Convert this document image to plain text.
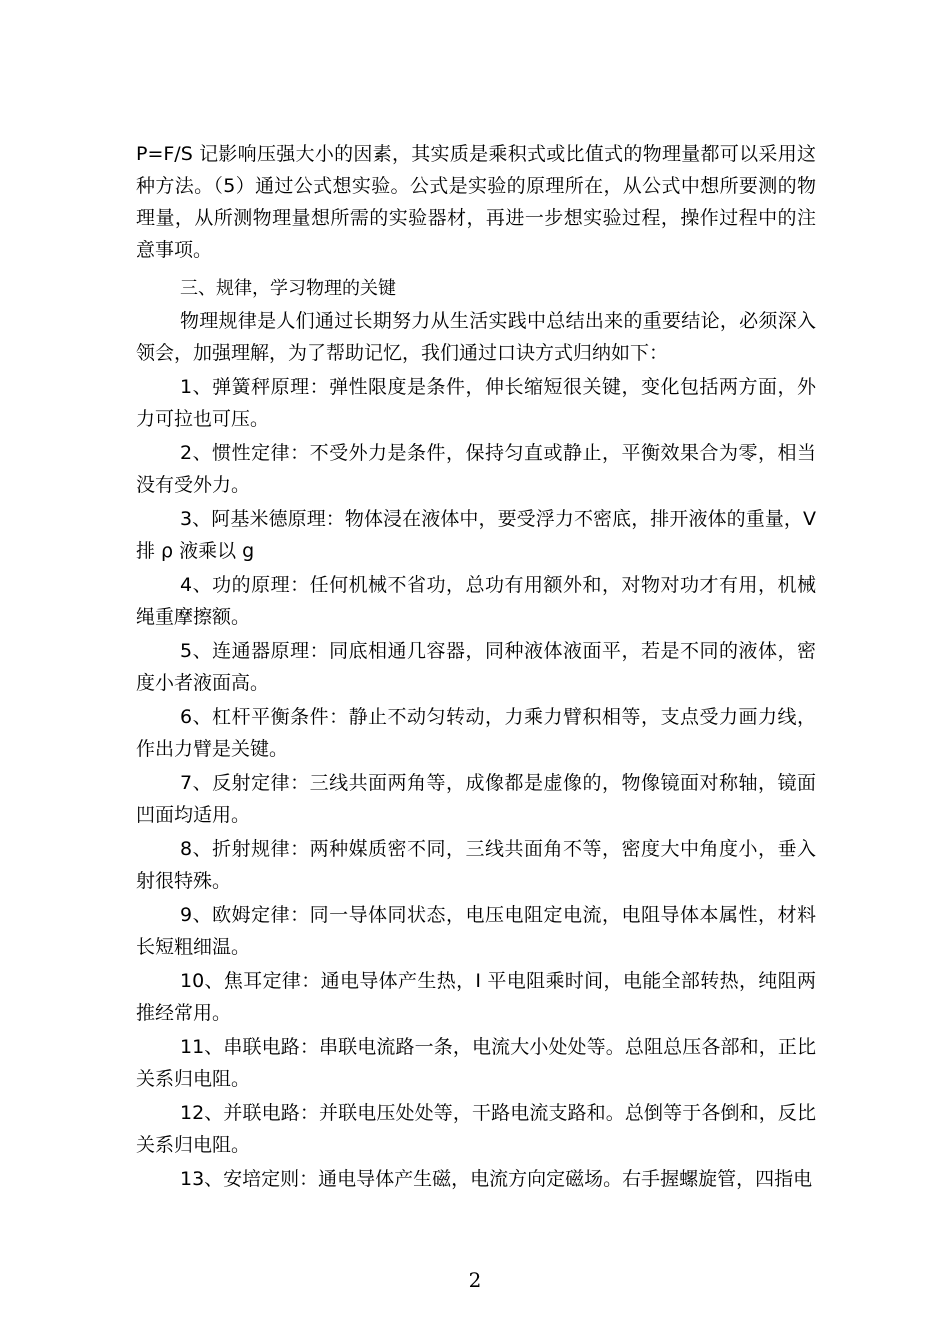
P=F/S 记影响压强大小的因素，其实质是乘积式或比值式的物理量都可以采用这种方法。（5）通过公式想实验。公式是实验的原理所在，从公式中想所要测的物理量，从所测物理量想所需的实验器材，再进一步想实验过程，操作过程中的注意事项。

三、规律，学习物理的关键

物理规律是人们通过长期努力从生活实践中总结出来的重要结论，必须深入领会，加强理解，为了帮助记忆，我们通过口诀方式归纳如下：

1、弹簧秤原理：弹性限度是条件，伸长缩短很关键，变化包括两方面，外力可拉也可压。

2、惯性定律：不受外力是条件，保持匀直或静止，平衡效果合为零，相当没有受外力。

3、阿基米德原理：物体浸在液体中，要受浮力不密底，排开液体的重量，V 排 ρ 液乘以 g

4、功的原理：任何机械不省功，总功有用额外和，对物对功才有用，机械绳重摩擦额。

5、连通器原理：同底相通几容器，同种液体液面平，若是不同的液体，密度小者液面高。

6、杠杆平衡条件：静止不动匀转动，力乘力臂积相等，支点受力画力线，作出力臂是关键。

7、反射定律：三线共面两角等，成像都是虚像的，物像镜面对称轴，镜面凹面均适用。

8、折射规律：两种媒质密不同，三线共面角不等，密度大中角度小，垂入射很特殊。

9、欧姆定律：同一导体同状态，电压电阻定电流，电阻导体本属性，材料长短粗细温。

10、焦耳定律：通电导体产生热，I 平电阻乘时间，电能全部转热，纯阻两推经常用。

11、串联电路：串联电流路一条，电流大小处处等。总阻总压各部和，正比关系归电阻。

12、并联电路：并联电压处处等，干路电流支路和。总倒等于各倒和，反比关系归电阻。

13、安培定则：通电导体产生磁，电流方向定磁场。右手握螺旋管，四指电

2
